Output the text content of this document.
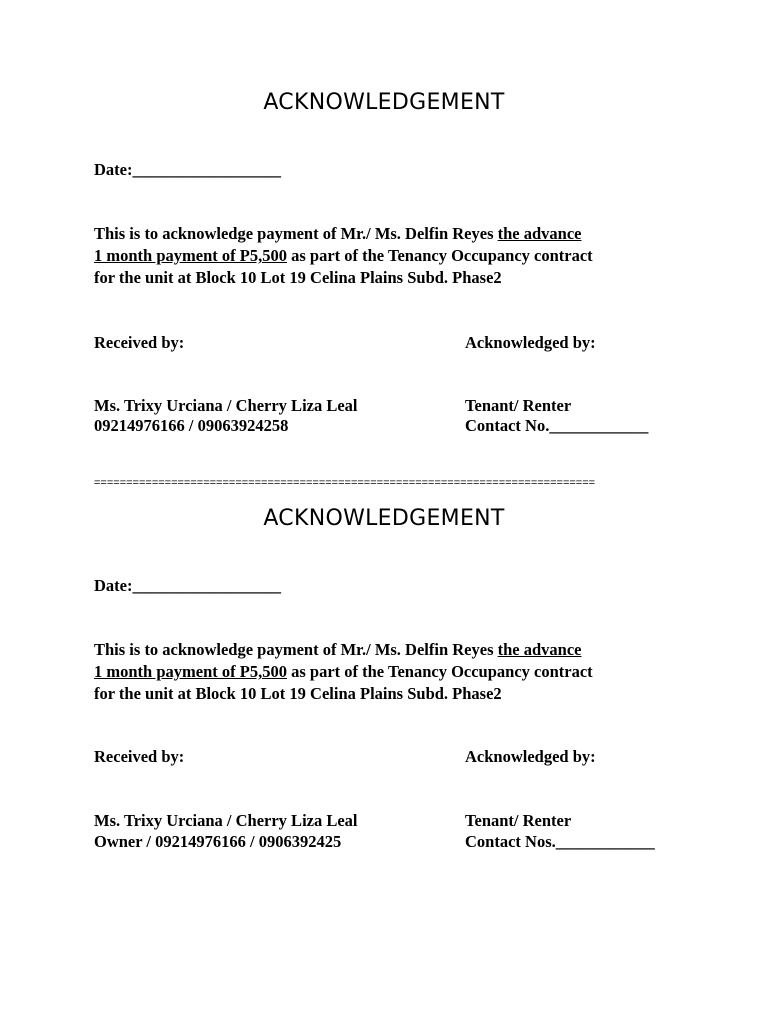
ACKNOWLEDGEMENT
Date:__________________
This is to acknowledge payment of Mr./ Ms. Delfin Reyes the advance
1 month payment of P5,500 as part of the Tenancy Occupancy contract
for the unit at Block 10 Lot 19 Celina Plains Subd. Phase2
Received by:	Acknowledged by:
Ms. Trixy Urciana / Cherry Liza Leal
09214976166 / 09063924258
Tenant/ Renter
Contact No.____________
==============================================================================
ACKNOWLEDGEMENT
Date:__________________
This is to acknowledge payment of Mr./ Ms. Delfin Reyes the advance
1 month payment of P5,500 as part of the Tenancy Occupancy contract
for the unit at Block 10 Lot 19 Celina Plains Subd. Phase2
Received by:	Acknowledged by:
Ms. Trixy Urciana / Cherry Liza Leal
Owner / 09214976166 / 0906392425
Tenant/ Renter
Contact Nos.____________
